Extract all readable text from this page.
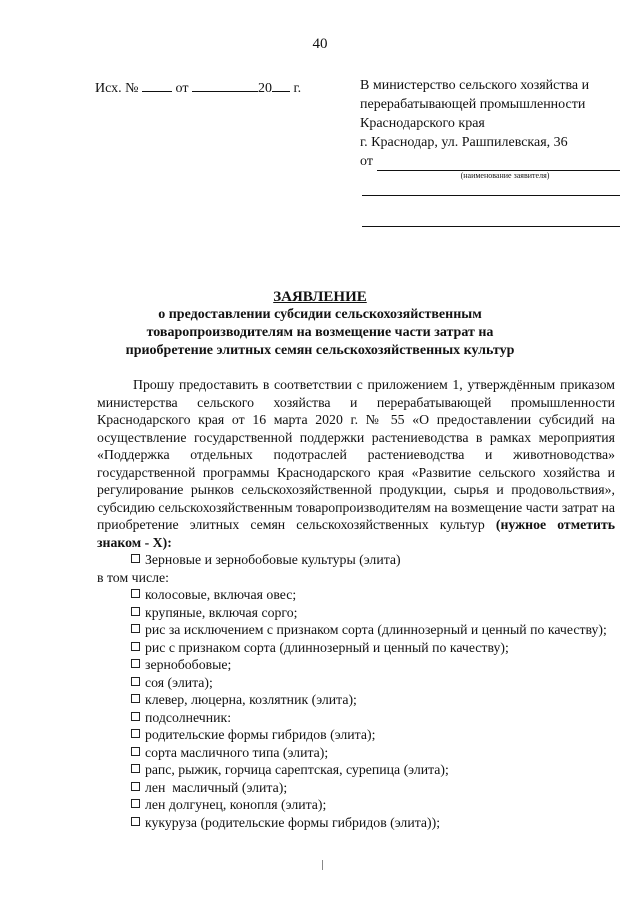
40
Исх. №	от	20 г.	В министерство сельского хозяйства и
перерабатывающей промышленности
Краснодарского края
г. Краснодар, ул. Рашпилевская, 36
от
(наименование заявителя)
ЗАЯВЛЕНИЕ
о предоставлении субсидии сельскохозяйственным
товаропроизводителям на возмещение части затрат на
приобретение элитных семян сельскохозяйственных культур

Прошу предоставить в соответствии с приложением 1, утверждённым приказом министерства сельского хозяйства и перерабатывающей промышленности Краснодарского края от 16 марта 2020 г. № 55 «О предоставлении субсидий на осуществление государственной поддержки растениеводства в рамках мероприятия «Поддержка отдельных подотраслей растениеводства и животноводства» государственной программы Краснодарского края «Развитие сельского хозяйства и регулирование рынков сельскохозяйственной продукции, сырья и продовольствия», субсидию сельскохозяйственным товаропроизводителям на возмещение части затрат на приобретение элитных семян сельскохозяйственных культур (нужное отметить знаком - Х):

Зерновые и зернобобовые культуры (элита)
в том числе:
колосовые, включая овес;
крупяные, включая сорго;
рис за исключением с признаком сорта (длиннозерный и ценный по качеству);
рис с признаком сорта (длиннозерный и ценный по качеству);
зернобобовые;
соя (элита);
клевер, люцерна, козлятник (элита);
подсолнечник:
родительские формы гибридов (элита);
сорта масличного типа (элита);
рапс, рыжик, горчица сарептская, сурепица (элита);
лен  масличный (элита);
лен долгунец, конопля (элита);
кукуруза (родительские формы гибридов (элита));
